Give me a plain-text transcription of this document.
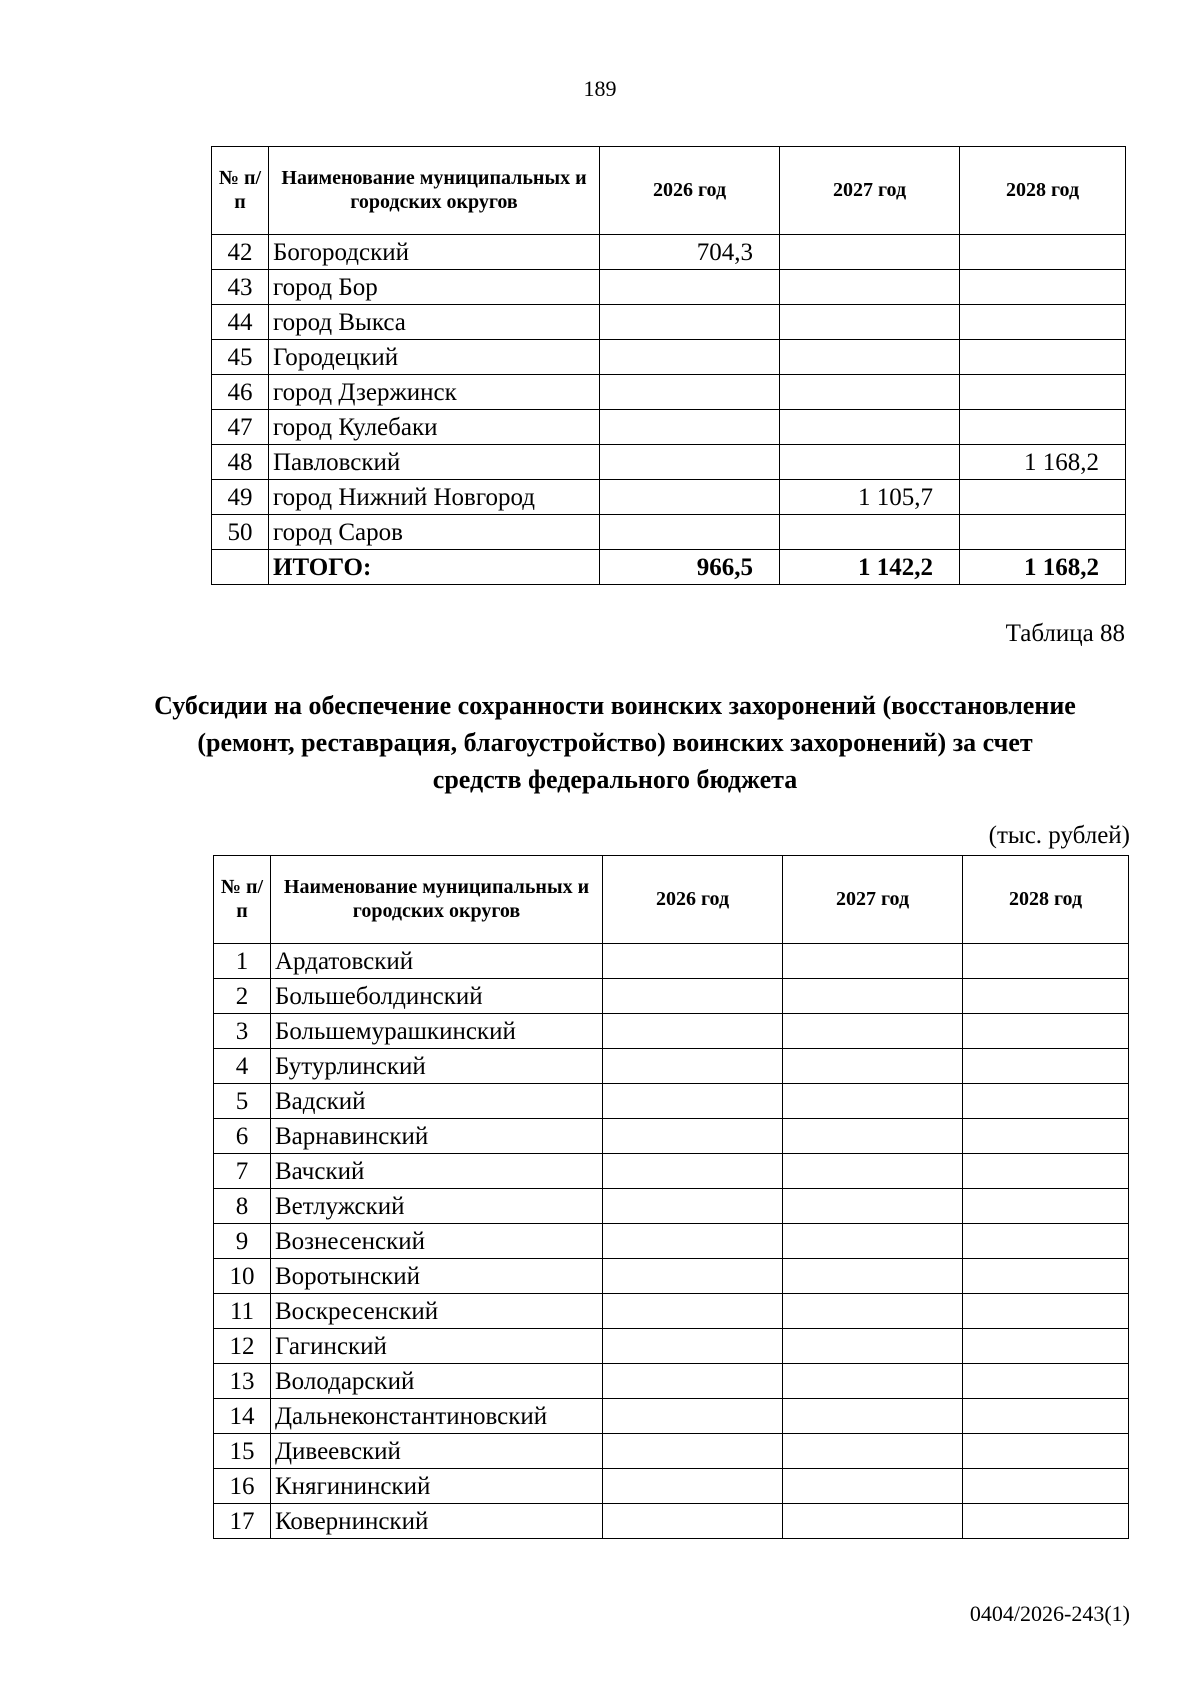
189
№ п/п	Наименование муниципальных и городских округов	2026 год	2027 год	2028 год
42	Богородский	704,3		
43	город Бор			
44	город Выкса			
45	Городецкий			
46	город Дзержинск			
47	город Кулебаки			
48	Павловский			1 168,2
49	город Нижний Новгород		1 105,7	
50	город Саров			
	ИТОГО:	966,5	1 142,2	1 168,2
Таблица 88
Субсидии на обеспечение сохранности воинских захоронений (восстановление (ремонт, реставрация, благоустройство) воинских захоронений) за счет средств федерального бюджета
(тыс. рублей)
№ п/п	Наименование муниципальных и городских округов	2026 год	2027 год	2028 год
1	Ардатовский			
2	Большеболдинский			
3	Большемурашкинский			
4	Бутурлинский			
5	Вадский			
6	Варнавинский			
7	Вачский			
8	Ветлужский			
9	Вознесенский			
10	Воротынский			
11	Воскресенский			
12	Гагинский			
13	Володарский			
14	Дальнеконстантиновский			
15	Дивеевский			
16	Княгининский			
17	Ковернинский			
0404/2026-243(1)
